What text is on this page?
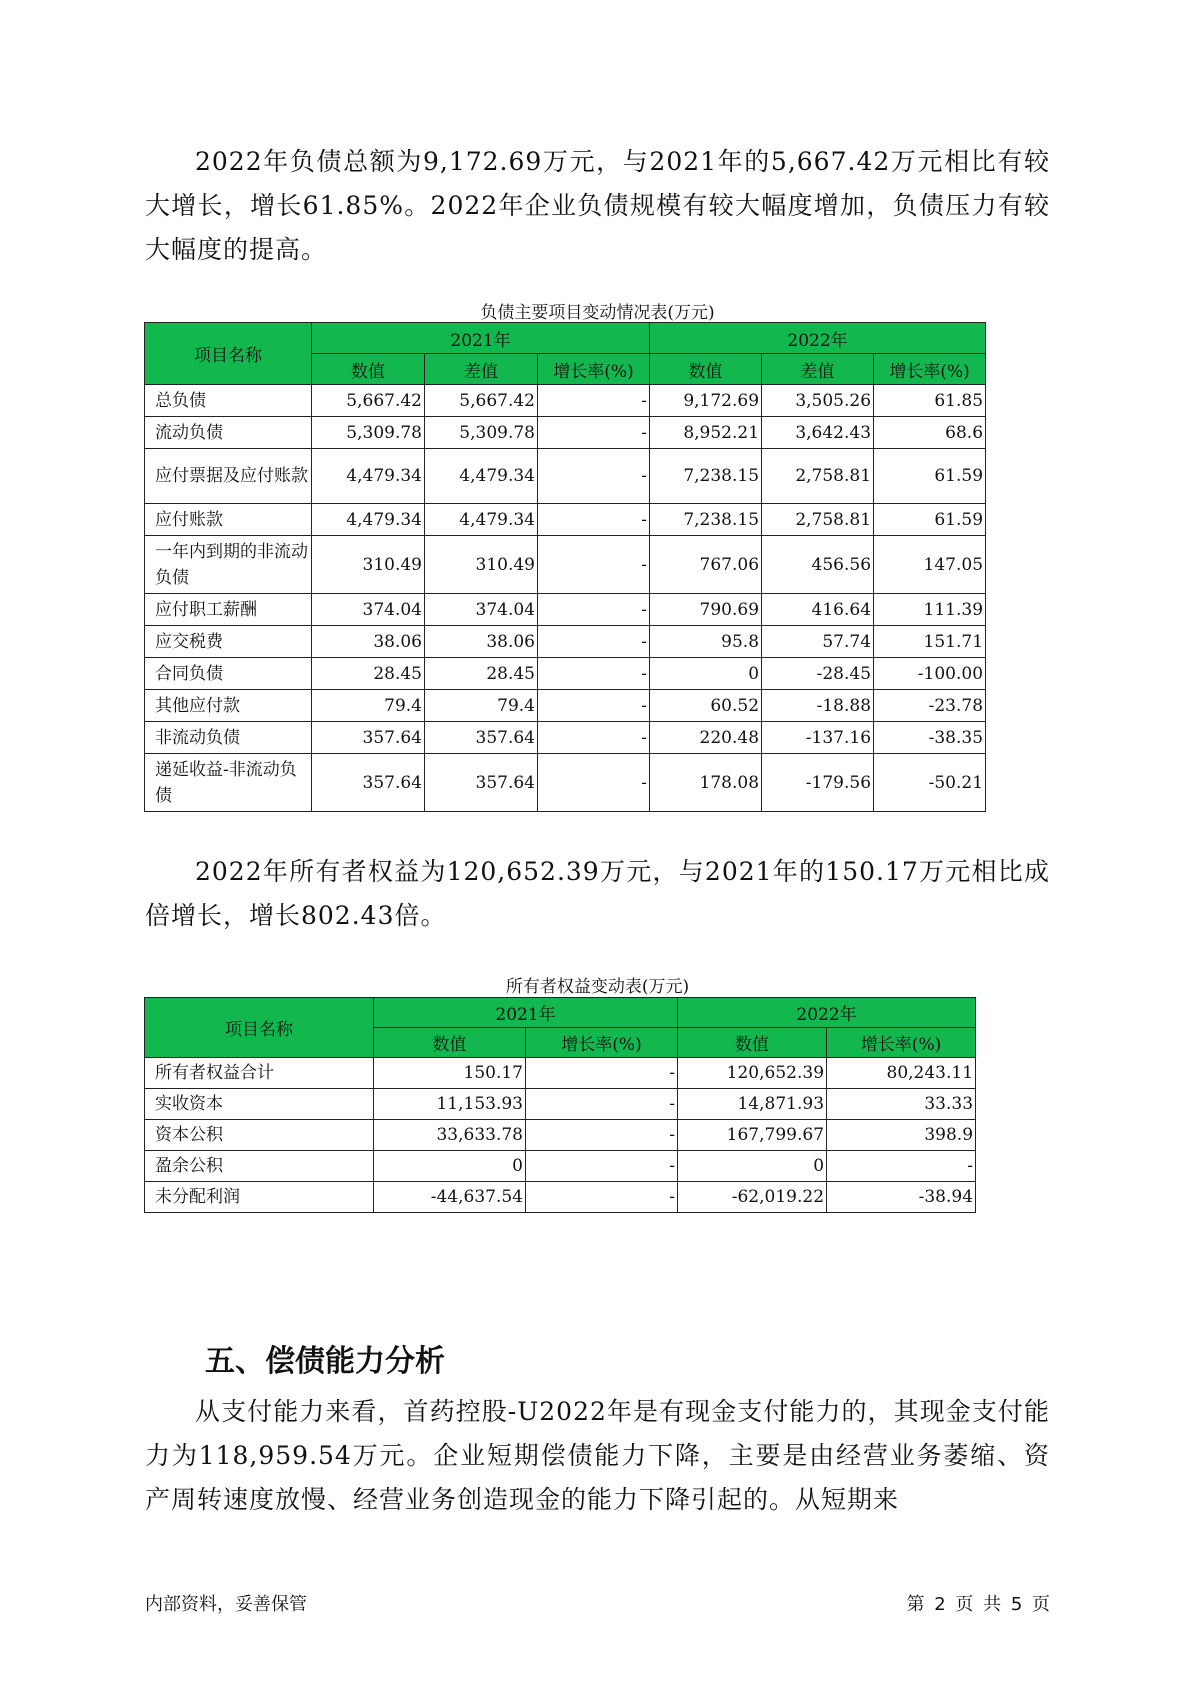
2022年负债总额为9,172.69万元，与2021年的5,667.42万元相比有较大增长，增长61.85%。2022年企业负债规模有较大幅度增加，负债压力有较大幅度的提高。

负债主要项目变动情况表(万元)

项目名称	2021年			2022年		
	数值	差值	增长率(%)	数值	差值	增长率(%)
总负债	5,667.42	5,667.42	-	9,172.69	3,505.26	61.85
流动负债	5,309.78	5,309.78	-	8,952.21	3,642.43	68.6
应付票据及应付账款	4,479.34	4,479.34	-	7,238.15	2,758.81	61.59
应付账款	4,479.34	4,479.34	-	7,238.15	2,758.81	61.59
一年内到期的非流动负债	310.49	310.49	-	767.06	456.56	147.05
应付职工薪酬	374.04	374.04	-	790.69	416.64	111.39
应交税费	38.06	38.06	-	95.8	57.74	151.71
合同负债	28.45	28.45	-	0	-28.45	-100.00
其他应付款	79.4	79.4	-	60.52	-18.88	-23.78
非流动负债	357.64	357.64	-	220.48	-137.16	-38.35
递延收益-非流动负债	357.64	357.64	-	178.08	-179.56	-50.21

2022年所有者权益为120,652.39万元，与2021年的150.17万元相比成倍增长，增长802.43倍。

所有者权益变动表(万元)

项目名称	2021年		2022年	
	数值	增长率(%)	数值	增长率(%)
所有者权益合计	150.17	-	120,652.39	80,243.11
实收资本	11,153.93	-	14,871.93	33.33
资本公积	33,633.78	-	167,799.67	398.9
盈余公积	0	-	0	-
未分配利润	-44,637.54	-	-62,019.22	-38.94
五、偿债能力分析

从支付能力来看，首药控股-U2022年是有现金支付能力的，其现金支付能力为118,959.54万元。企业短期偿债能力下降，主要是由经营业务萎缩、资产周转速度放慢、经营业务创造现金的能力下降引起的。从短期来

内部资料，妥善保管	第 2 页 共 5 页
